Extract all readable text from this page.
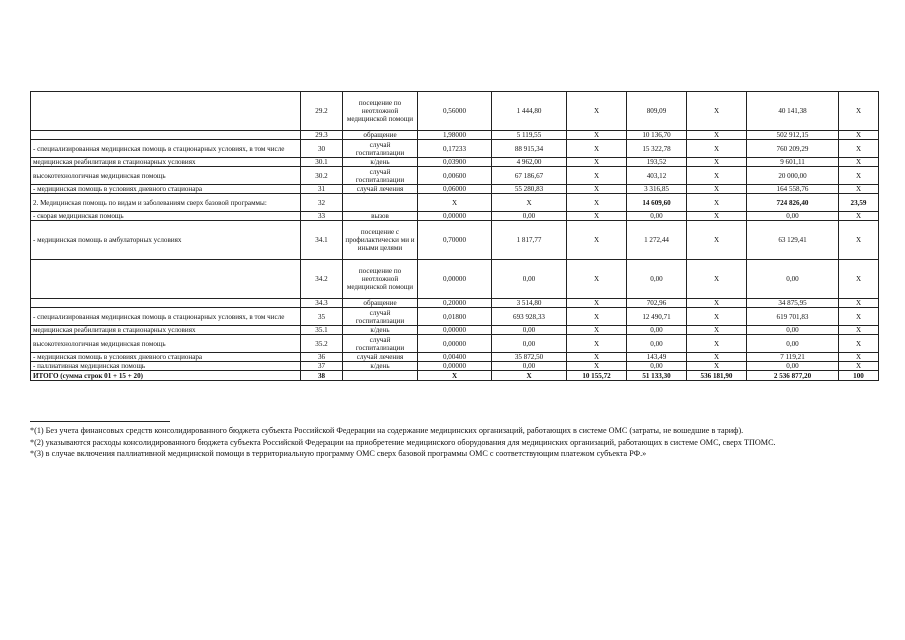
	29.2	посещение по неотложной медицинской помощи	0,56000	1 444,80	X	809,09	X	40 141,38	X
	29.3	обращение	1,98000	5 119,55	X	10 136,70	X	502 912,15	X
- специализированная медицинская помощь в стационарных условиях, в том числе	30	случай госпитализации	0,17233	88 915,34	X	15 322,78	X	760 209,29	X
медицинская реабилитация в стационарных условиях	30.1	к/день	0,03900	4 962,00	X	193,52	X	9 601,11	X
высокотехнологичная медицинская помощь	30.2	случай госпитализации	0,00600	67 186,67	X	403,12	X	20 000,00	X
- медицинская помощь в условиях дневного стационара	31	случай лечения	0,06000	55 280,83	X	3 316,85	X	164 558,76	X
2. Медицинская помощь по видам и заболеваниям сверх базовой программы:	32		X	X	X	14 609,60	X	724 826,40	23,59
- скорая медицинская помощь	33	вызов	0,00000	0,00	X	0,00	X	0,00	X
- медицинская помощь в амбулаторных условиях	34.1	посещение с профилактически ми и иными целями	0,70000	1 817,77	X	1 272,44	X	63 129,41	X
	34.2	посещение по неотложной медицинской помощи	0,00000	0,00	X	0,00	X	0,00	X
	34.3	обращение	0,20000	3 514,80	X	702,96	X	34 875,95	X
- специализированная медицинская помощь в стационарных условиях, в том числе	35	случай госпитализации	0,01800	693 928,33	X	12 490,71	X	619 701,83	X
медицинская реабилитация в стационарных условиях	35.1	к/день	0,00000	0,00	X	0,00	X	0,00	X
высокотехнологичная медицинская помощь	35.2	случай госпитализации	0,00000	0,00	X	0,00	X	0,00	X
- медицинская помощь в условиях дневного стационара	36	случай лечения	0,00400	35 872,50	X	143,49	X	7 119,21	X
- паллиативная медицинская помощь	37	к/день	0,00000	0,00	X	0,00	X	0,00	X
ИТОГО (сумма строк 01 + 15 + 20)	38		X	X	10 155,72	51 133,30	536 181,90	2 536 877,20	100

*(1) Без учета финансовых средств консолидированного бюджета субъекта Российской Федерации на содержание медицинских организаций, работающих в системе ОМС (затраты, не вошедшие в тариф).

*(2) указываются расходы консолидированного бюджета субъекта Российской Федерации на приобретение медицинского оборудования для медицинских организаций, работающих в системе ОМС, сверх ТПОМС.

*(3) в случае включения паллиативной медицинской помощи в территориальную программу ОМС сверх базовой программы ОМС с соответствующим платежом субъекта РФ.»
